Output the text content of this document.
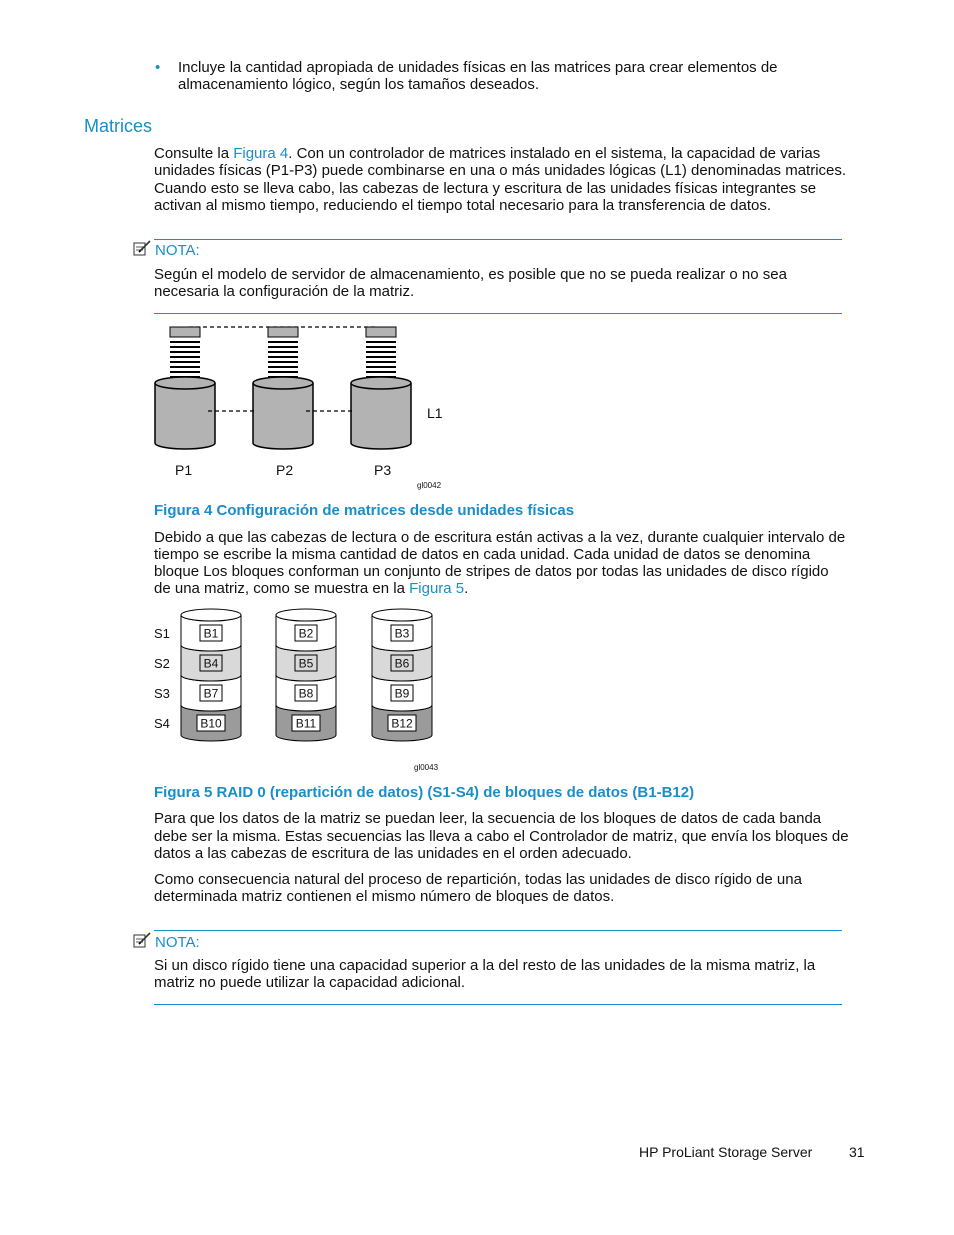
• Incluye la cantidad apropiada de unidades físicas en las matrices para crear elementos de

almacenamiento lógico, según los tamaños deseados.

Matrices

Consulte la Figura 4. Con un controlador de matrices instalado en el sistema, la capacidad de varias

unidades físicas (P1-P3) puede combinarse en una o más unidades lógicas (L1) denominadas matrices.

Cuando esto se lleva cabo, las cabezas de lectura y escritura de las unidades físicas integrantes se

activan al mismo tiempo, reduciendo el tiempo total necesario para la transferencia de datos.

NOTA:

Según el modelo de servidor de almacenamiento, es posible que no se pueda realizar o no sea

necesaria la configuración de la matriz.

L1
P1	P2	P3
gl0042
Figura 4 Configuración de matrices desde unidades físicas

Debido a que las cabezas de lectura o de escritura están activas a la vez, durante cualquier intervalo de

tiempo se escribe la misma cantidad de datos en cada unidad. Cada unidad de datos se denomina

bloque Los bloques conforman un conjunto de stripes de datos por todas las unidades de disco rígido

de una matriz, como se muestra en la Figura 5.

S1
S2
S3
S4
B1
B4
B7
B10
B2
B5
B8
B11
B3
B6
B9
B12
gl0043
Figura 5 RAID 0 (repartición de datos) (S1-S4) de bloques de datos (B1-B12)

Para que los datos de la matriz se puedan leer, la secuencia de los bloques de datos de cada banda

debe ser la misma. Estas secuencias las lleva a cabo el Controlador de matriz, que envía los bloques de

datos a las cabezas de escritura de las unidades en el orden adecuado.

Como consecuencia natural del proceso de repartición, todas las unidades de disco rígido de una

determinada matriz contienen el mismo número de bloques de datos.

NOTA:

Si un disco rígido tiene una capacidad superior a la del resto de las unidades de la misma matriz, la

matriz no puede utilizar la capacidad adicional.

HP ProLiant Storage Server	31
